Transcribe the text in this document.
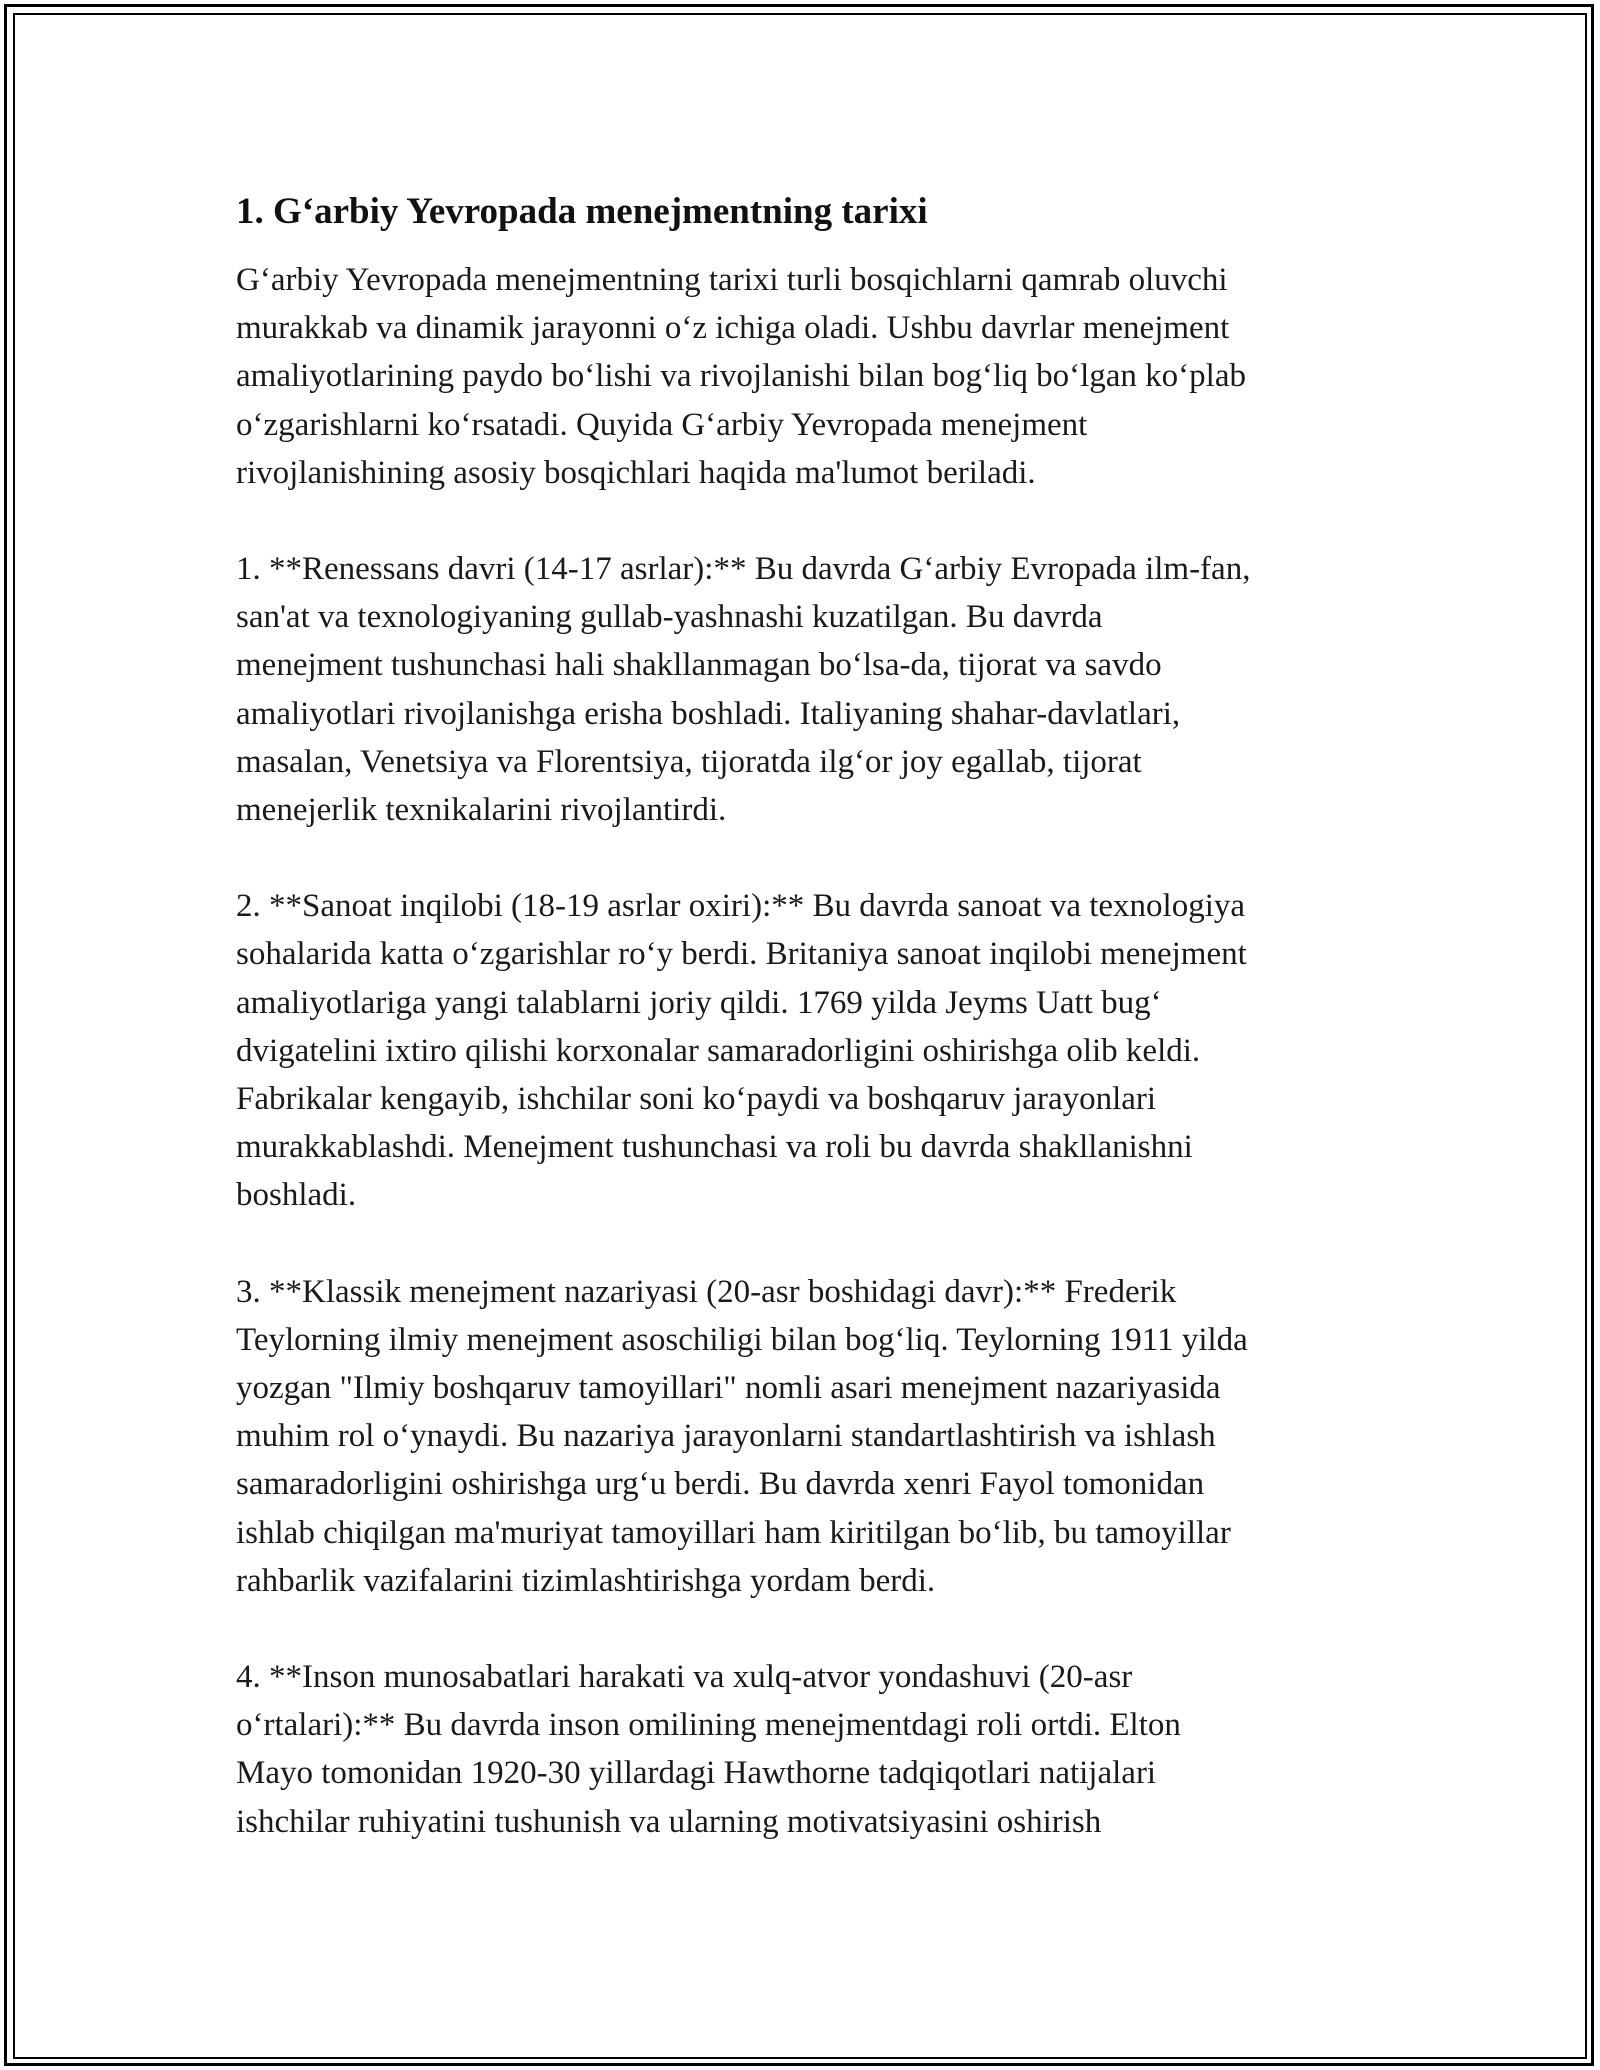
1. G‘arbiy Yevropada menejmentning tarixi
G‘arbiy Yevropada menejmentning tarixi turli bosqichlarni qamrab oluvchi
murakkab va dinamik jarayonni o‘z ichiga oladi. Ushbu davrlar menejment
amaliyotlarining paydo bo‘lishi va rivojlanishi bilan bog‘liq bo‘lgan ko‘plab
o‘zgarishlarni ko‘rsatadi. Quyida G‘arbiy Yevropada menejment
rivojlanishining asosiy bosqichlari haqida ma'lumot beriladi.
1. **Renessans davri (14-17 asrlar):** Bu davrda G‘arbiy Evropada ilm-fan,
san'at va texnologiyaning gullab-yashnashi kuzatilgan. Bu davrda
menejment tushunchasi hali shakllanmagan bo‘lsa-da, tijorat va savdo
amaliyotlari rivojlanishga erisha boshladi. Italiyaning shahar-davlatlari,
masalan, Venetsiya va Florentsiya, tijoratda ilg‘or joy egallab, tijorat
menejerlik texnikalarini rivojlantirdi.
2. **Sanoat inqilobi (18-19 asrlar oxiri):** Bu davrda sanoat va texnologiya
sohalarida katta o‘zgarishlar ro‘y berdi. Britaniya sanoat inqilobi menejment
amaliyotlariga yangi talablarni joriy qildi. 1769 yilda Jeyms Uatt bug‘
dvigatelini ixtiro qilishi korxonalar samaradorligini oshirishga olib keldi.
Fabrikalar kengayib, ishchilar soni ko‘paydi va boshqaruv jarayonlari
murakkablashdi. Menejment tushunchasi va roli bu davrda shakllanishni
boshladi.
3. **Klassik menejment nazariyasi (20-asr boshidagi davr):** Frederik
Teylorning ilmiy menejment asoschiligi bilan bog‘liq. Teylorning 1911 yilda
yozgan "Ilmiy boshqaruv tamoyillari" nomli asari menejment nazariyasida
muhim rol o‘ynaydi. Bu nazariya jarayonlarni standartlashtirish va ishlash
samaradorligini oshirishga urg‘u berdi. Bu davrda xenri Fayol tomonidan
ishlab chiqilgan ma'muriyat tamoyillari ham kiritilgan bo‘lib, bu tamoyillar
rahbarlik vazifalarini tizimlashtirishga yordam berdi.
4. **Inson munosabatlari harakati va xulq-atvor yondashuvi (20-asr
o‘rtalari):** Bu davrda inson omilining menejmentdagi roli ortdi. Elton
Mayo tomonidan 1920-30 yillardagi Hawthorne tadqiqotlari natijalari
ishchilar ruhiyatini tushunish va ularning motivatsiyasini oshirish
